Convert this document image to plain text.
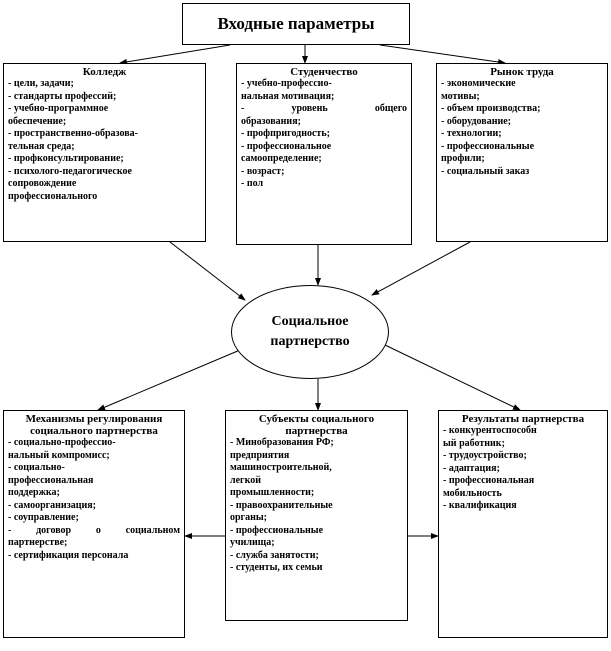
Входные параметры
Колледж
- цели, задачи;
- стандарты профессий;
- учебно-программное
обеспечение;
- пространственно-образова-
тельная среда;
- профконсультирование;
- психолого-педагогическое
сопровождение
профессионального
Студенчество
- учебно-профессио-
нальная мотивация;
- уровень общего
образования;
- профпригодность;
- профессиональное
самоопределение;
- возраст;
- пол
Рынок труда
- экономические
мотивы;
- объем производства;
- оборудование;
- технологии;
- профессиональные
профили;
- социальный заказ
Социальное
партнерство
Механизмы регулирования социального партнерства
- социально-профессио-
нальный компромисс;
- социально-
профессиональная
поддержка;
- самоорганизация;
- соуправление;
- договор о социальном
партнерстве;
- сертификация персонала
Субъекты социального партнерства
- Минобразования РФ;
предприятия
машиностроительной,
легкой
промышленности;
- правоохранительные
органы;
- профессиональные
училища;
- служба занятости;
- студенты, их семьи
Результаты партнерства
- конкурентоспособн
ый работник;
- трудоустройство;
- адаптация;
- профессиональная
мобильность
- квалификация
